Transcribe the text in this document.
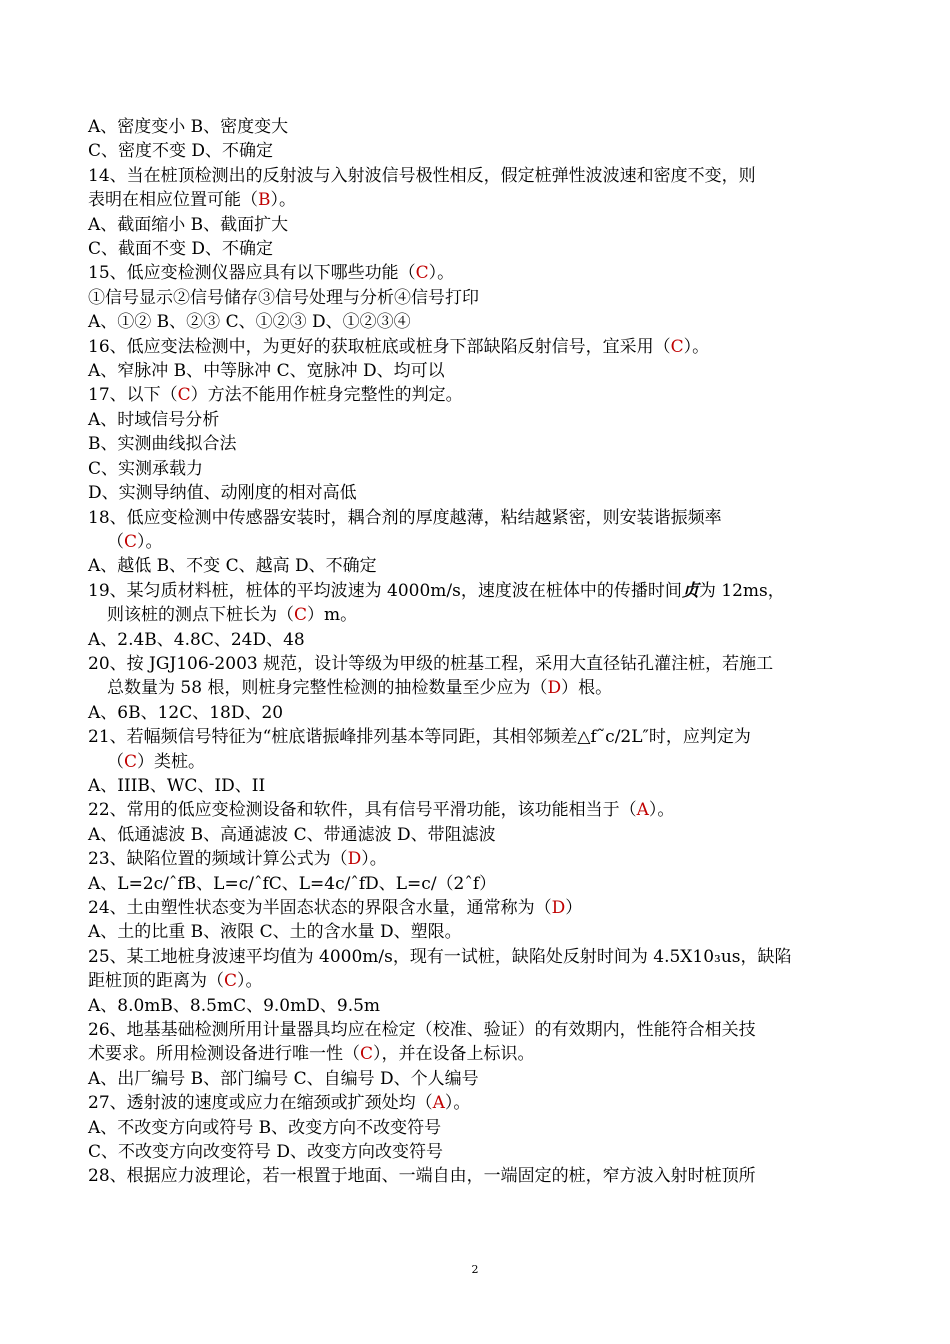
A、密度变小 B、密度变大
C、密度不变 D、不确定
14、当在桩顶检测出的反射波与入射波信号极性相反，假定桩弹性波波速和密度不变，则
表明在相应位置可能（B）。
A、截面缩小 B、截面扩大
C、截面不变 D、不确定
15、低应变检测仪器应具有以下哪些功能（C）。
①信号显示②信号储存③信号处理与分析④信号打印
A、①② B、②③ C、①②③ D、①②③④
16、低应变法检测中，为更好的获取桩底或桩身下部缺陷反射信号，宜采用（C）。
A、窄脉冲 B、中等脉冲 C、宽脉冲 D、均可以
17、以下（C）方法不能用作桩身完整性的判定。
A、时域信号分析
B、实测曲线拟合法
C、实测承载力
D、实测导纳值、动刚度的相对高低
18、低应变检测中传感器安装时，耦合剂的厚度越薄，粘结越紧密，则安装谐振频率
（C）。
A、越低 B、不变 C、越高 D、不确定
19、某匀质材料桩，桩体的平均波速为 4000m/s，速度波在桩体中的传播时间贞为 12ms，
则该桩的测点下桩长为（C）m。
A、2.4B、4.8C、24D、48
20、按 JGJ106-2003 规范，设计等级为甲级的桩基工程，采用大直径钻孔灌注桩，若施工
总数量为 58 根，则桩身完整性检测的抽检数量至少应为（D）根。
A、6B、12C、18D、20
21、若幅频信号特征为“桩底谐振峰排列基本等同距，其相邻频差△f˜c/2L″时，应判定为
（C）类桩。
A、IIIB、WC、ID、II
22、常用的低应变检测设备和软件，具有信号平滑功能，该功能相当于（A）。
A、低通滤波 B、高通滤波 C、带通滤波 D、带阻滤波
23、缺陷位置的频域计算公式为（D）。
A、L=2c/ˆfB、L=c/ˆfC、L=4c/ˆfD、L=c/（2ˆf）
24、土由塑性状态变为半固态状态的界限含水量，通常称为（D）
A、土的比重 B、液限 C、土的含水量 D、塑限。
25、某工地桩身波速平均值为 4000m/s，现有一试桩，缺陷处反射时间为 4.5X10₃us，缺陷
距桩顶的距离为（C）。
A、8.0mB、8.5mC、9.0mD、9.5m
26、地基基础检测所用计量器具均应在检定（校准、验证）的有效期内，性能符合相关技
术要求。所用检测设备进行唯一性（C），并在设备上标识。
A、出厂编号 B、部门编号 C、自编号 D、个人编号
27、透射波的速度或应力在缩颈或扩颈处均（A）。
A、不改变方向或符号 B、改变方向不改变符号
C、不改变方向改变符号 D、改变方向改变符号
28、根据应力波理论，若一根置于地面、一端自由，一端固定的桩，窄方波入射时桩顶所
2
